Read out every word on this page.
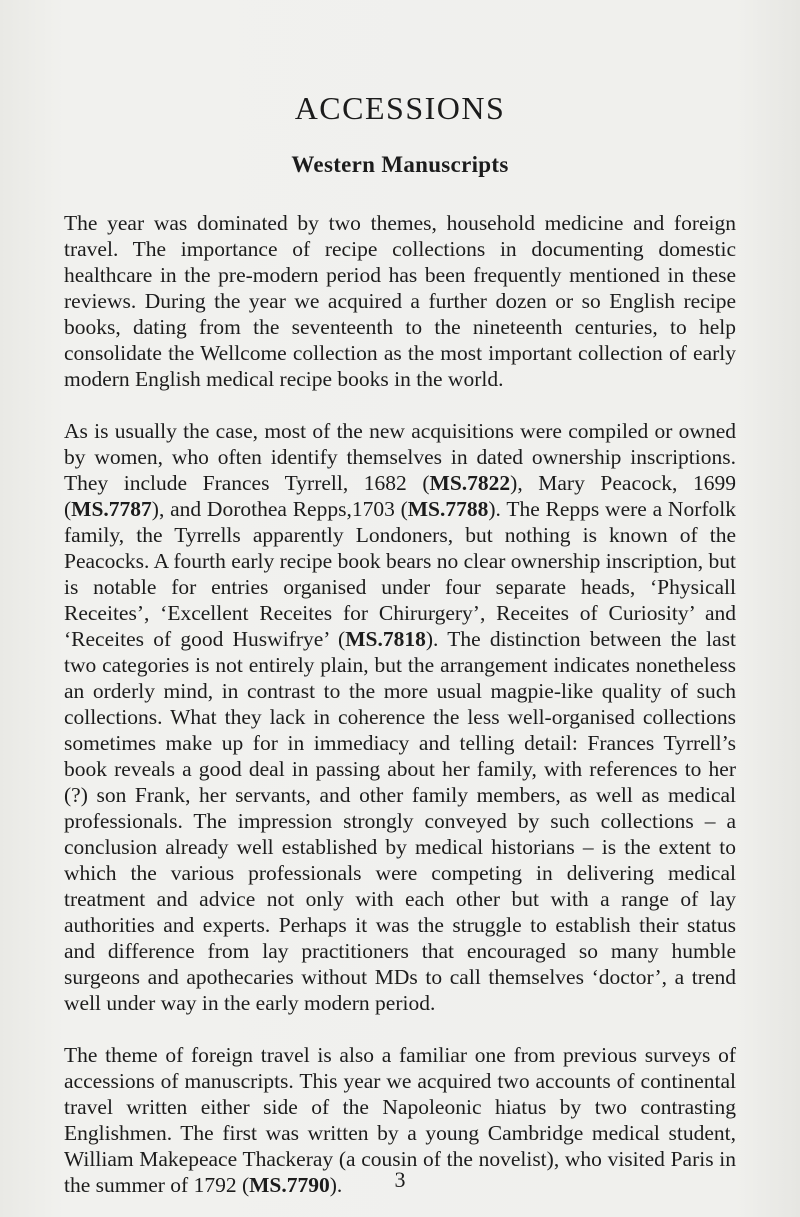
ACCESSIONS
Western Manuscripts

The year was dominated by two themes, household medicine and foreign travel. The importance of recipe collections in documenting domestic healthcare in the pre-modern period has been frequently mentioned in these reviews. During the year we acquired a further dozen or so English recipe books, dating from the seventeenth to the nineteenth centuries, to help consolidate the Wellcome collection as the most important collection of early modern English medical recipe books in the world.

As is usually the case, most of the new acquisitions were compiled or owned by women, who often identify themselves in dated ownership inscriptions. They include Frances Tyrrell, 1682 (MS.7822), Mary Peacock, 1699 (MS.7787), and Dorothea Repps,1703 (MS.7788). The Repps were a Norfolk family, the Tyrrells apparently Londoners, but nothing is known of the Peacocks. A fourth early recipe book bears no clear ownership inscription, but is notable for entries organised under four separate heads, ‘Physicall Receites’, ‘Excellent Receites for Chirurgery’, Receites of Curiosity’ and ‘Receites of good Huswifrye’ (MS.7818). The distinction between the last two categories is not entirely plain, but the arrangement indicates nonetheless an orderly mind, in contrast to the more usual magpie-like quality of such collections. What they lack in coherence the less well-organised collections sometimes make up for in immediacy and telling detail: Frances Tyrrell’s book reveals a good deal in passing about her family, with references to her (?) son Frank, her servants, and other family members, as well as medical professionals. The impression strongly conveyed by such collections – a conclusion already well established by medical historians – is the extent to which the various professionals were competing in delivering medical treatment and advice not only with each other but with a range of lay authorities and experts. Perhaps it was the struggle to establish their status and difference from lay practitioners that encouraged so many humble surgeons and apothecaries without MDs to call themselves ‘doctor’, a trend well under way in the early modern period.

The theme of foreign travel is also a familiar one from previous surveys of accessions of manuscripts. This year we acquired two accounts of continental travel written either side of the Napoleonic hiatus by two contrasting Englishmen. The first was written by a young Cambridge medical student, William Makepeace Thackeray (a cousin of the novelist), who visited Paris in the summer of 1792 (MS.7790).	3
